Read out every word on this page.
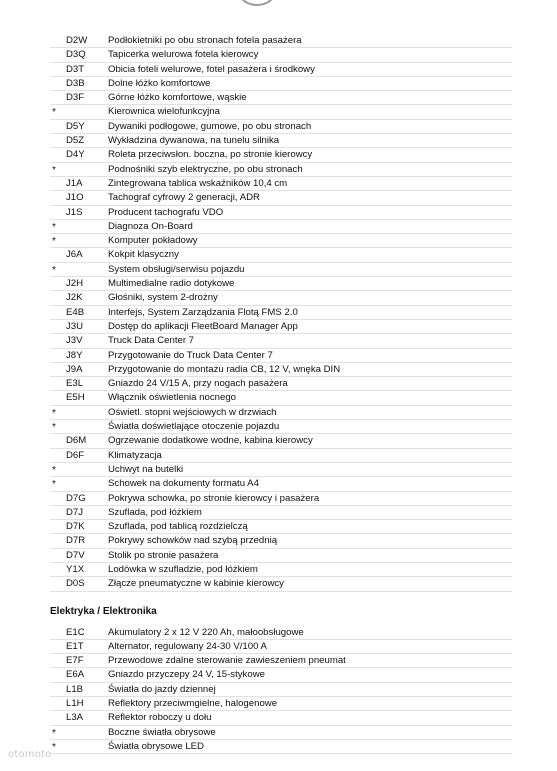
D2W	Podłokietniki po obu stronach fotela pasażera
D3Q	Tapicerka welurowa fotela kierowcy
D3T	Obicia foteli welurowe, fotel pasażera i środkowy
D3B	Dolne łóżko komfortowe
D3F	Górne łóżko komfortowe, wąskie
*	Kierownica wielofunkcyjna
D5Y	Dywaniki podłogowe, gumowe, po obu stronach
D5Z	Wykładzina dywanowa, na tunelu silnika
D4Y	Roleta przeciwsłon. boczna, po stronie kierowcy
*	Podnośniki szyb elektryczne, po obu stronach
J1A	Zintegrowana tablica wskaźników 10,4 cm
J1O	Tachograf cyfrowy 2 generacji, ADR
J1S	Producent tachografu VDO
*	Diagnoza On-Board
*	Komputer pokładowy
J6A	Kokpit klasyczny
*	System obsługi/serwisu pojazdu
J2H	Multimedialne radio dotykowe
J2K	Głośniki, system 2-drożny
E4B	Interfejs, System Zarządzania Flotą FMS 2.0
J3U	Dostęp do aplikacji FleetBoard Manager App
J3V	Truck Data Center 7
J8Y	Przygotowanie do Truck Data Center 7
J9A	Przygotowanie do montażu radia CB, 12 V, wnęka DIN
E3L	Gniazdo 24 V/15 A, przy nogach pasażera
E5H	Włącznik oświetlenia nocnego
*	Oświetl. stopni wejściowych w drzwiach
*	Światła doświetlające otoczenie pojazdu
D6M	Ogrzewanie dodatkowe wodne, kabina kierowcy
D6F	Klimatyzacja
*	Uchwyt na butelki
*	Schowek na dokumenty formatu A4
D7G	Pokrywa schowka, po stronie kierowcy i pasażera
D7J	Szuflada, pod łóżkiem
D7K	Szuflada, pod tablicą rozdzielczą
D7R	Pokrywy schowków nad szybą przednią
D7V	Stolik po stronie pasażera
Y1X	Lodówka w szufladzie, pod łóżkiem
D0S	Złącze pneumatyczne w kabinie kierowcy
Elektryka / Elektronika
E1C	Akumulatory 2 x 12 V 220 Ah, małoobsługowe
E1T	Alternator, regulowany 24-30 V/100 A
E7F	Przewodowe zdalne sterowanie zawieszeniem pneumat
E6A	Gniazdo przyczepy 24 V, 15-stykowe
L1B	Światła do jazdy dziennej
L1H	Reflektory przeciwmgielne, halogenowe
L3A	Reflektor roboczy u dołu
*	Boczne światła obrysowe
*	Światła obrysowe LED
otomoto
